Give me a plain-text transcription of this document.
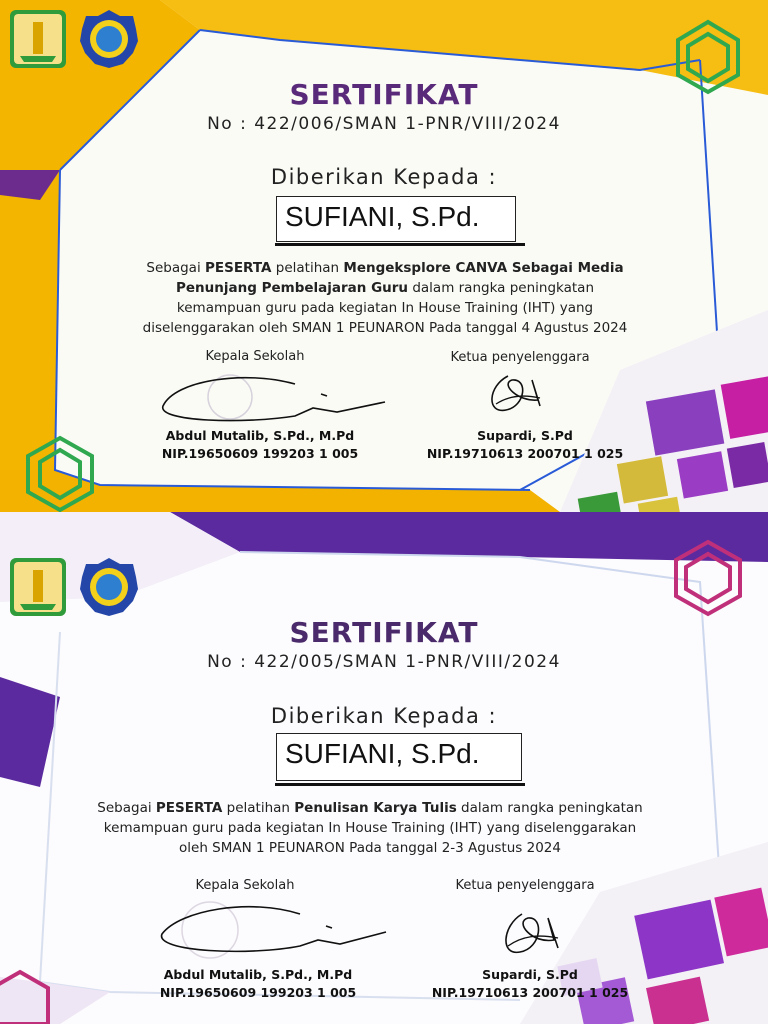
SERTIFIKAT
No : 422/006/SMAN 1-PNR/VIII/2024
Diberikan Kepada :
SUFIANI, S.Pd.
Sebagai PESERTA pelatihan Mengeksplore CANVA Sebagai Media Penunjang Pembelajaran Guru dalam rangka peningkatan kemampuan guru pada kegiatan In House Training (IHT) yang diselenggarakan oleh SMAN 1 PEUNARON Pada tanggal 4 Agustus 2024
Kepala Sekolah	Ketua penyelenggara
Abdul Mutalib, S.Pd., M.Pd
NIP.19650609 199203 1 005
Supardi, S.Pd
NIP.19710613 200701 1 025
SERTIFIKAT
No : 422/005/SMAN 1-PNR/VIII/2024
Diberikan Kepada :
SUFIANI, S.Pd.
Sebagai PESERTA pelatihan Penulisan Karya Tulis dalam rangka peningkatan kemampuan guru pada kegiatan In House Training (IHT) yang diselenggarakan oleh SMAN 1 PEUNARON Pada tanggal 2-3 Agustus 2024
Kepala Sekolah	Ketua penyelenggara
Abdul Mutalib, S.Pd., M.Pd
NIP.19650609 199203 1 005
Supardi, S.Pd
NIP.19710613 200701 1 025
